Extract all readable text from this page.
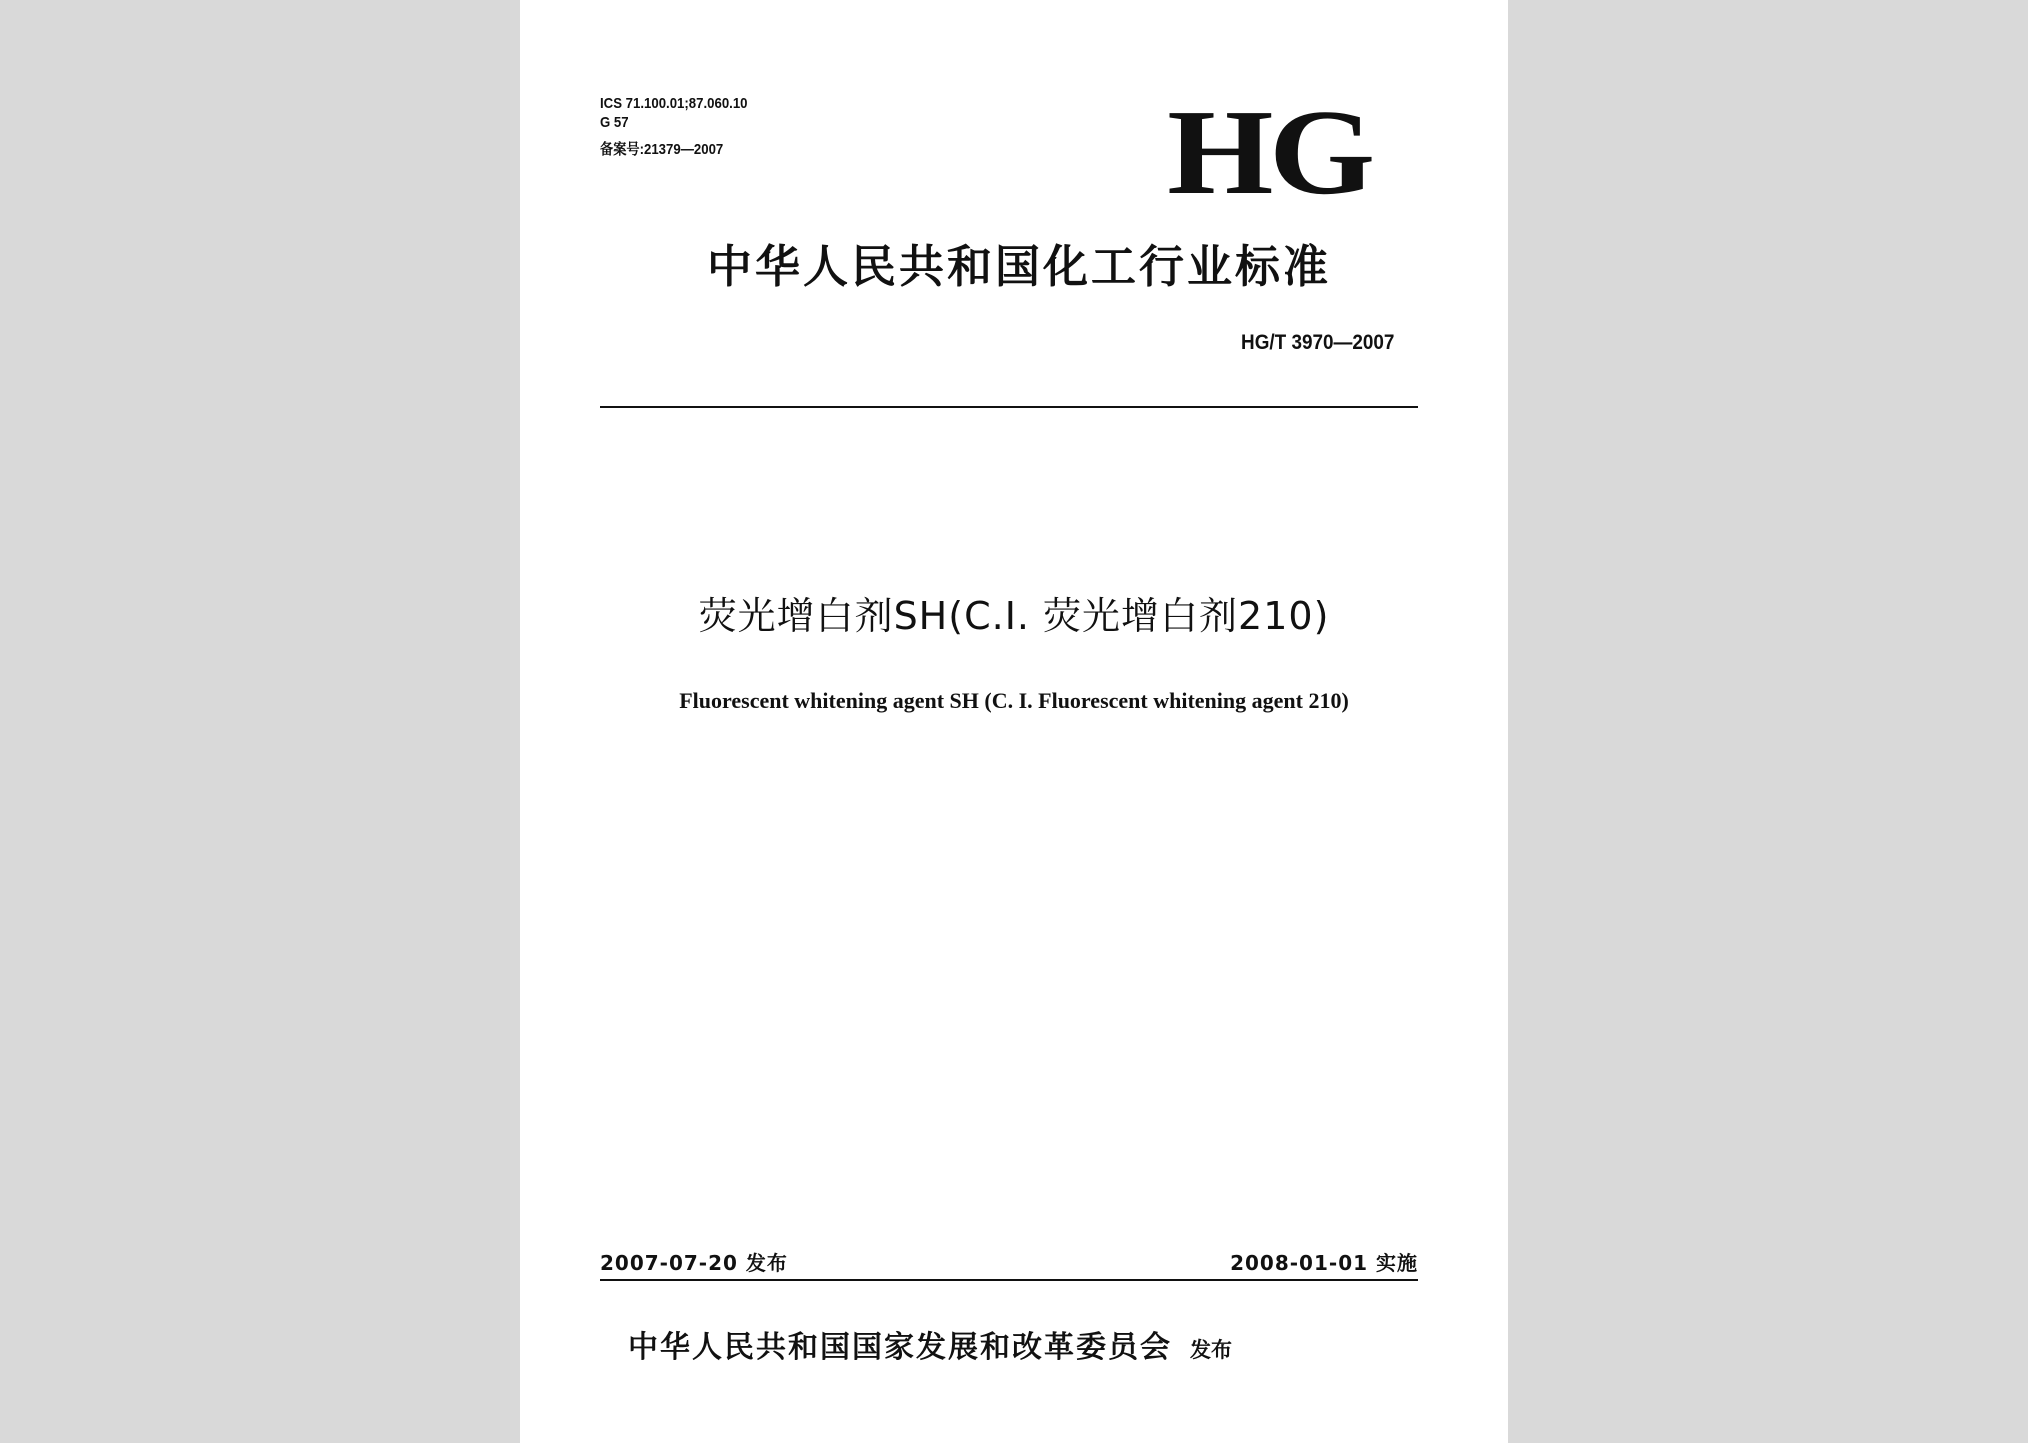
ICS 71.100.01;87.060.10
G 57
备案号:21379—2007	HG
中华人民共和国化工行业标准
HG/T 3970—2007
荧光增白剂SH(C.I. 荧光增白剂210)
Fluorescent whitening agent SH (C. I. Fluorescent whitening agent 210)
2007-07-20 发布	2008-01-01 实施
中华人民共和国国家发展和改革委员会 发布
